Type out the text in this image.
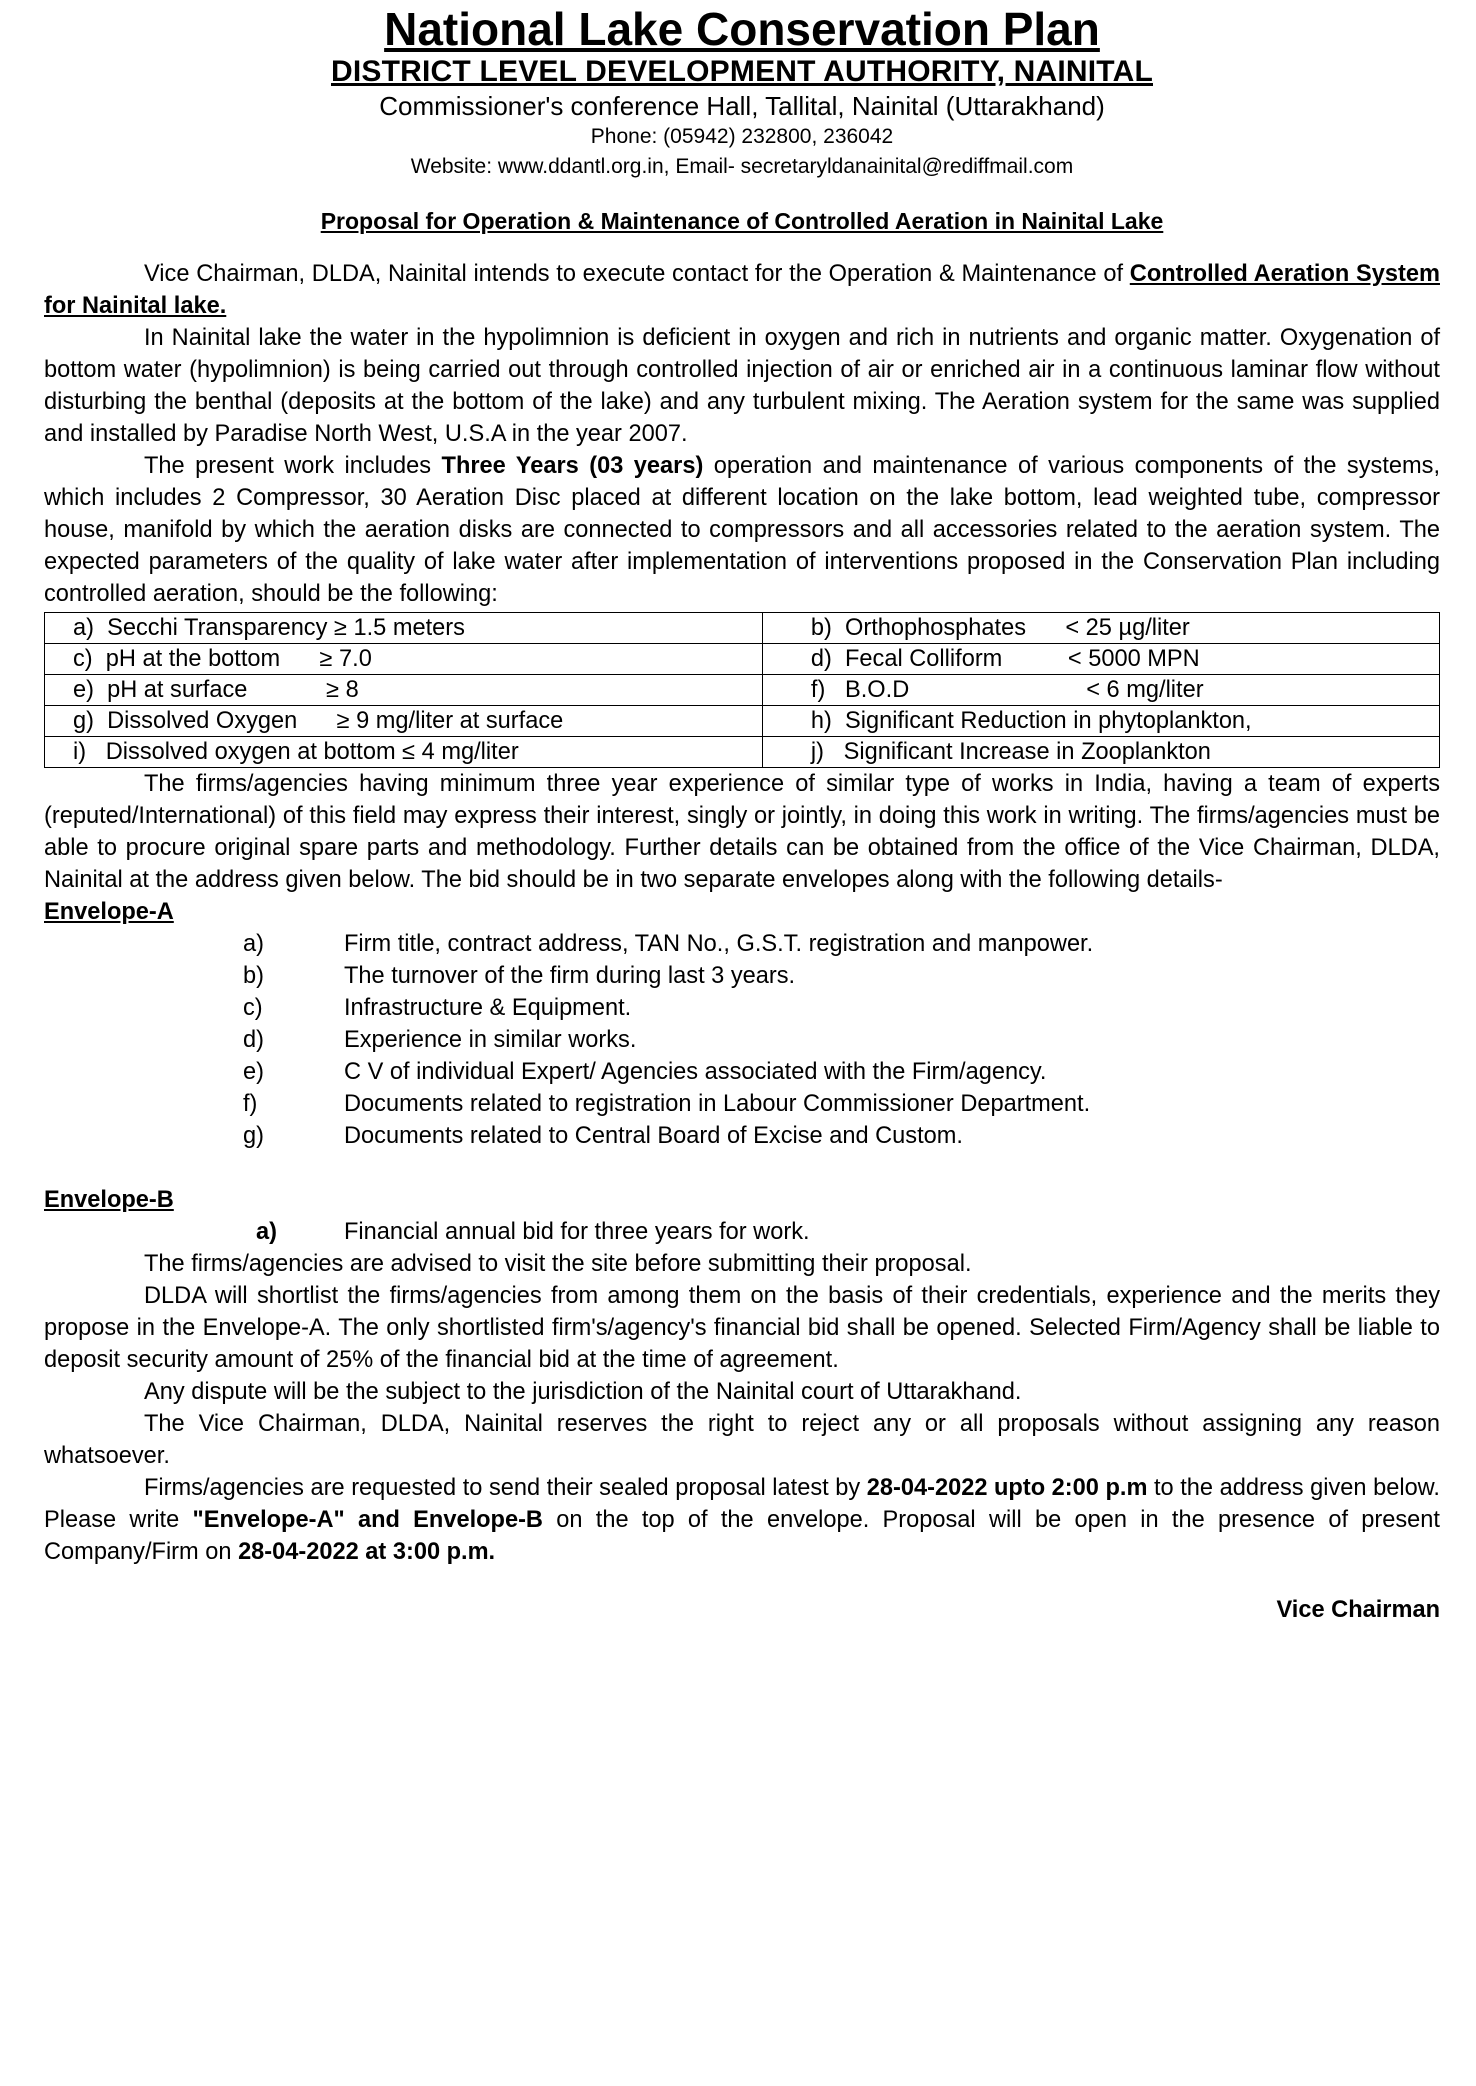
National Lake Conservation Plan
DISTRICT LEVEL DEVELOPMENT AUTHORITY, NAINITAL
Commissioner's conference Hall, Tallital, Nainital (Uttarakhand)
Phone: (05942) 232800, 236042
Website: www.ddantl.org.in, Email- secretaryldanainital@rediffmail.com
Proposal for Operation & Maintenance of Controlled Aeration in Nainital Lake

Vice Chairman, DLDA, Nainital intends to execute contact for the Operation & Maintenance of Controlled Aeration System for Nainital lake.

In Nainital lake the water in the hypolimnion is deficient in oxygen and rich in nutrients and organic matter. Oxygenation of bottom water (hypolimnion) is being carried out through controlled injection of air or enriched air in a continuous laminar flow without disturbing the benthal (deposits at the bottom of the lake) and any turbulent mixing. The Aeration system for the same was supplied and installed by Paradise North West, U.S.A in the year 2007.

The present work includes Three Years (03 years) operation and maintenance of various components of the systems, which includes 2 Compressor, 30 Aeration Disc placed at different location on the lake bottom, lead weighted tube, compressor house, manifold by which the aeration disks are connected to compressors and all accessories related to the aeration system. The expected parameters of the quality of lake water after implementation of interventions proposed in the Conservation Plan including controlled aeration, should be the following:

a)  Secchi Transparency ≥ 1.5 meters	b)  Orthophosphates      < 25 µg/liter
c)  pH at the bottom      ≥ 7.0	d)  Fecal Colliform          < 5000 MPN
e)  pH at surface            ≥ 8	f)   B.O.D                           < 6 mg/liter
g)  Dissolved Oxygen      ≥ 9 mg/liter at surface	h)  Significant Reduction in phytoplankton,
i)   Dissolved oxygen at bottom ≤ 4 mg/liter	j)   Significant Increase in Zooplankton

The firms/agencies having minimum three year experience of similar type of works in India, having a team of experts (reputed/International) of this field may express their interest, singly or jointly, in doing this work in writing. The firms/agencies must be able to procure original spare parts and methodology. Further details can be obtained from the office of the Vice Chairman, DLDA, Nainital at the address given below. The bid should be in two separate envelopes along with the following details-

Envelope-A
a)	Firm title, contract address, TAN No., G.S.T. registration and manpower.
b)	The turnover of the firm during last 3 years.
c)	Infrastructure & Equipment.
d)	Experience in similar works.
e)	C V of individual Expert/ Agencies associated with the Firm/agency.
f)	Documents related to registration in Labour Commissioner Department.
g)	Documents related to Central Board of Excise and Custom.
Envelope-B
a)	Financial annual bid for three years for work.

The firms/agencies are advised to visit the site before submitting their proposal.

DLDA will shortlist the firms/agencies from among them on the basis of their credentials, experience and the merits they propose in the Envelope-A. The only shortlisted firm's/agency's financial bid shall be opened. Selected Firm/Agency shall be liable to deposit security amount of 25% of the financial bid at the time of agreement.

Any dispute will be the subject to the jurisdiction of the Nainital court of Uttarakhand.

The Vice Chairman, DLDA, Nainital reserves the right to reject any or all proposals without assigning any reason whatsoever.

Firms/agencies are requested to send their sealed proposal latest by 28-04-2022 upto 2:00 p.m to the address given below. Please write "Envelope-A" and Envelope-B on the top of the envelope. Proposal will be open in the presence of present Company/Firm on 28-04-2022 at 3:00 p.m.

Vice Chairman
